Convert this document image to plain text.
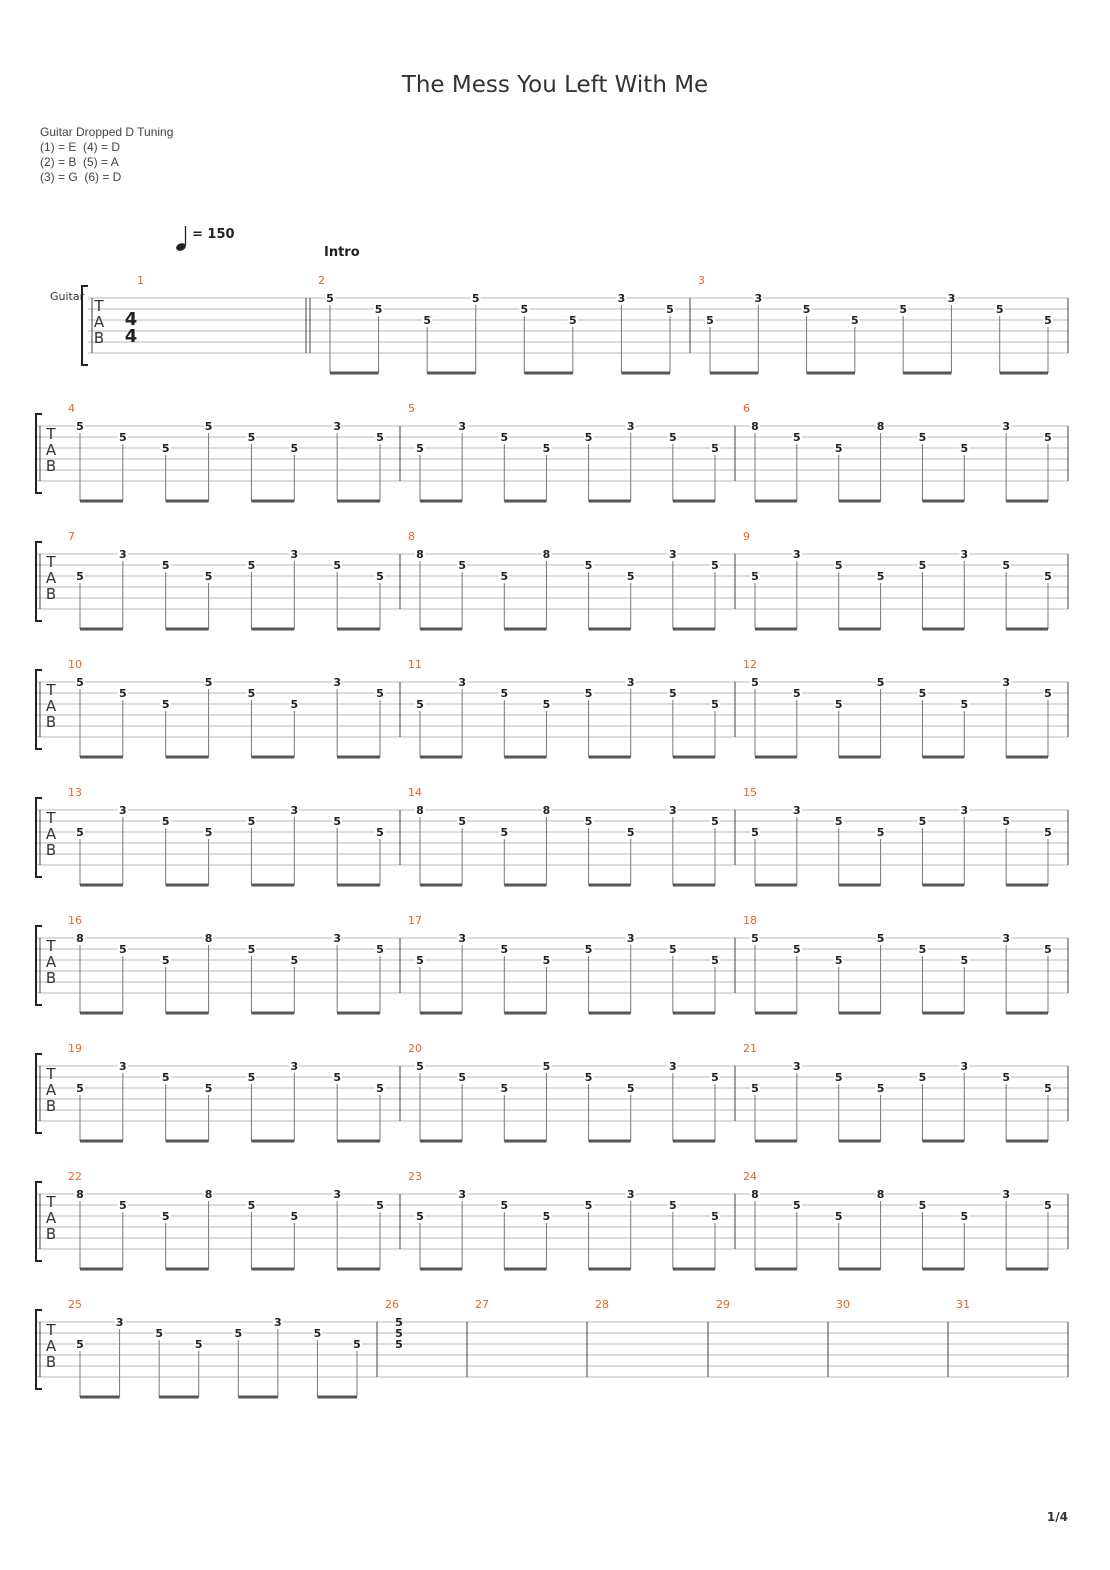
The Mess You Left With Me
Guitar Dropped D Tuning
(1) = E  (4) = D
(2) = B  (5) = A
(3) = G  (6) = D
= 150
Intro
Guitar
T
A
B
4
4
1	2
5
5
5
5
5
5
3
5
3
5
3
5
5
5
3
5
5
T
A
B
4
5
5
5
5
5
5
3
5
5
5
3
5
5
5
3
5
5
6
8
5
5
8
5
5
3
5
T
A
B
7
5
3
5
5
5
3
5
5
8
8
5
5
8
5
5
3
5
9
5
3
5
5
5
3
5
5
T
A
B
10
5
5
5
5
5
5
3
5
11
5
3
5
5
5
3
5
5
12
5
5
5
5
5
5
3
5
T
A
B
13
5
3
5
5
5
3
5
5
14
8
5
5
8
5
5
3
5
15
5
3
5
5
5
3
5
5
T
A
B
16
8
5
5
8
5
5
3
5
17
5
3
5
5
5
3
5
5
18
5
5
5
5
5
5
3
5
T
A
B
19
5
3
5
5
5
3
5
5
20
5
5
5
5
5
5
3
5
21
5
3
5
5
5
3
5
5
T
A
B
22
8
5
5
8
5
5
3
5
23
5
3
5
5
5
3
5
5
24
8
5
5
8
5
5
3
5
T
A
B
25
5
3
5
5
5
3
5
5
26
5
5
5
27	28	29	30	31
1/4
